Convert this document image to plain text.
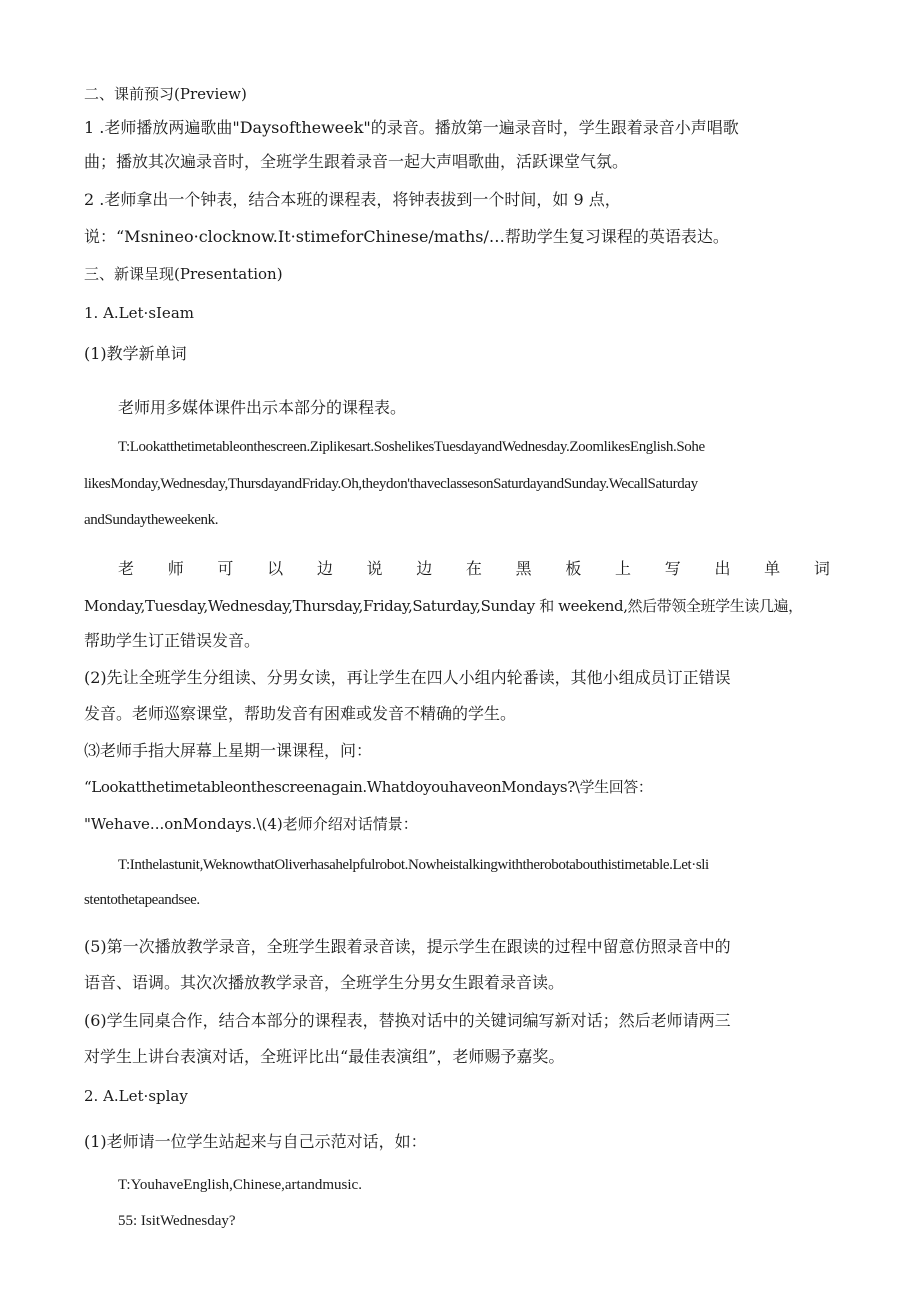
二、课前预习(Preview)
1 .老师播放两遍歌曲"Daysoftheweek"的录音。播放第一遍录音时，学生跟着录音小声唱歌
曲；播放其次遍录音时，全班学生跟着录音一起大声唱歌曲，活跃课堂气氛。
2 .老师拿出一个钟表，结合本班的课程表，将钟表拔到一个时间，如 9 点，
说：“Msnineo·clocknow.It·stimeforChinese/maths/…帮助学生复习课程的英语表达。
三、新课呈现(Presentation)
1. A.Let·sIeam
(1)教学新单词
老师用多媒体课件出示本部分的课程表。
T:Lookatthetimetableonthescreen.Ziplikesart.SoshelikesTuesdayandWednesday.ZoomlikesEnglish.Sohe
likesMonday,Wednesday,ThursdayandFriday.Oh,theydon'thaveclassesonSaturdayandSunday.WecallSaturday
andSundaytheweekenk.
老 师 可 以 边 说 边 在 黑 板 上 写 出 单 词
Monday,Tuesday,Wednesday,Thursday,Friday,Saturday,Sunday 和 weekend,然后带领全班学生读几遍，
帮助学生订正错误发音。
(2)先让全班学生分组读、分男女读，再让学生在四人小组内轮番读，其他小组成员订正错误
发音。老师巡察课堂，帮助发音有困难或发音不精确的学生。
⑶老师手指大屏幕上星期一课课程，问：
“Lookatthetimetableonthescreenagain.WhatdoyouhaveonMondays?\学生回答：
"Wehave...onMondays.\(4)老师介绍对话情景：
T:Inthelastunit,WeknowthatOliverhasahelpfulrobot.Nowheistalkingwiththerobotabouthistimetable.Let·sli
stentothetapeandsee.
(5)第一次播放教学录音，全班学生跟着录音读，提示学生在跟读的过程中留意仿照录音中的
语音、语调。其次次播放教学录音，全班学生分男女生跟着录音读。
(6)学生同桌合作，结合本部分的课程表，替换对话中的关键词编写新对话；然后老师请两三
对学生上讲台表演对话，全班评比出“最佳表演组”，老师赐予嘉奖。
2. A.Let·splay
(1)老师请一位学生站起来与自己示范对话，如：
T:YouhaveEnglish,Chinese,artandmusic.
55: IsitWednesday?
